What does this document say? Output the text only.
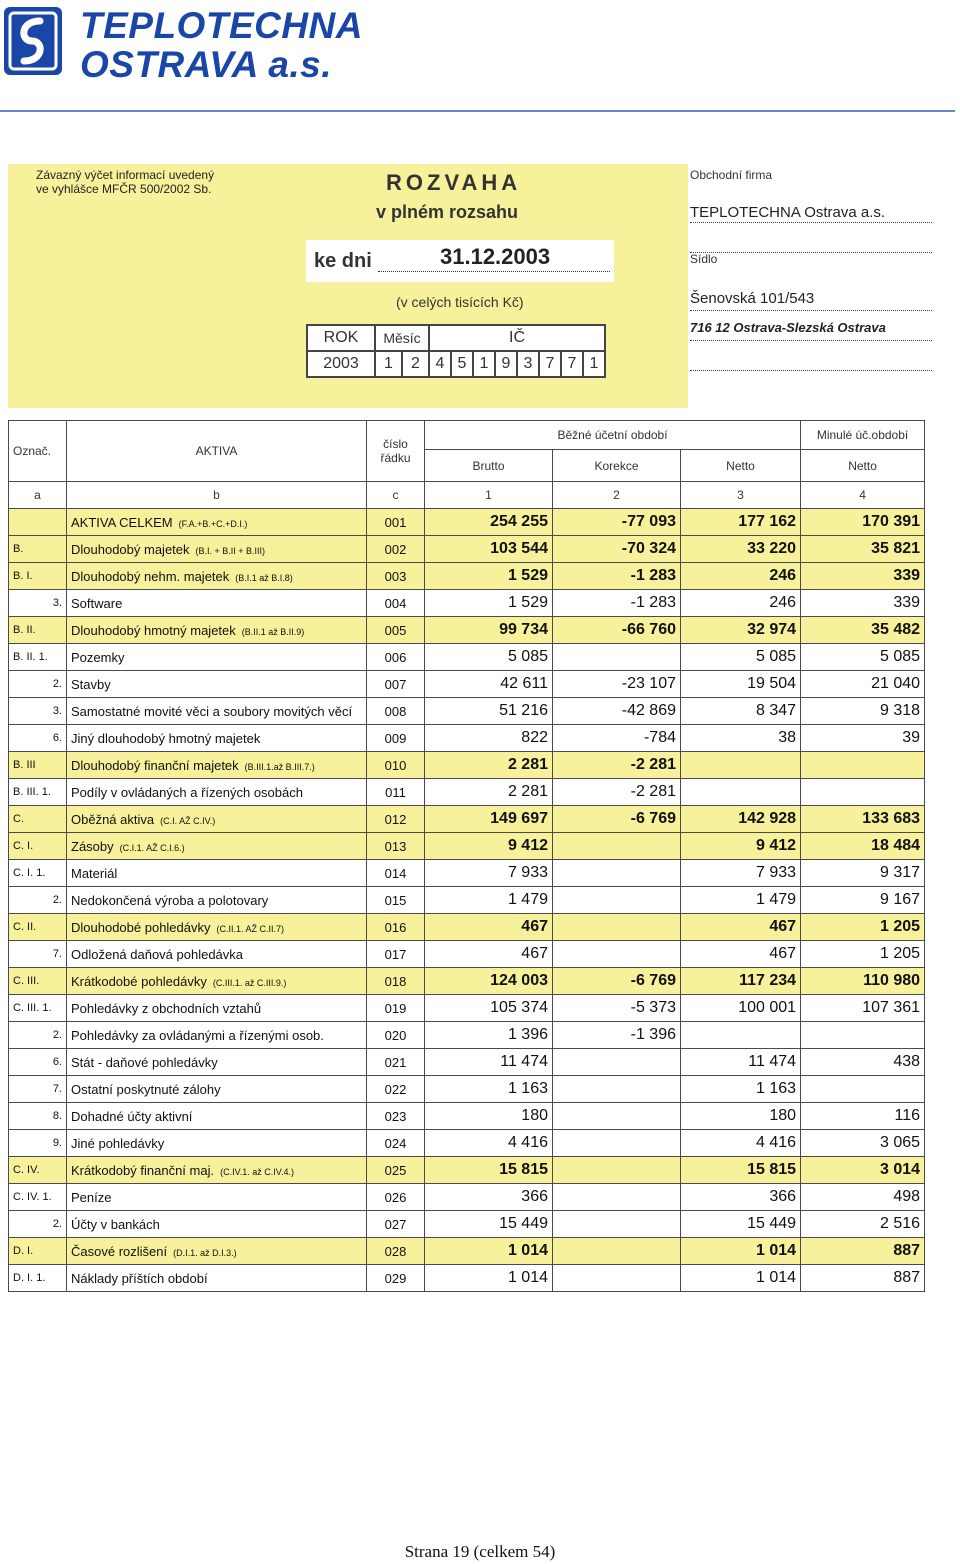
TEPLOTECHNA
OSTRAVA a.s.
Závazný výčet informací uvedený
ve vyhlášce MFČR 500/2002 Sb.	ROZVAHA
v plném rozsahu
ke dni	31.12.2003
(v celých tisících Kč)
ROK	Měsíc		IČ							
2003	1	2	4	5	1	9	3	7	7	1
Obchodní firma
TEPLOTECHNA Ostrava a.s.
Sídlo
Šenovská 101/543
716 12 Ostrava-Slezská Ostrava
Označ.	AKTIVA	číslo řádku	Běžné účetní období			Minulé úč.období
			Brutto	Korekce	Netto	Netto
a	b	c	1	2	3	4
	AKTIVA CELKEM (F.A.+B.+C.+D.I.)	001	254 255	-77 093	177 162	170 391
B.	Dlouhodobý majetek (B.I. + B.II + B.III)	002	103 544	-70 324	33 220	35 821
B. I.	Dlouhodobý nehm. majetek (B.I.1 až B.I.8)	003	1 529	-1 283	246	339
3.	Software	004	1 529	-1 283	246	339
B. II.	Dlouhodobý hmotný majetek (B.II.1 až B.II.9)	005	99 734	-66 760	32 974	35 482
B. II. 1.	Pozemky	006	5 085		5 085	5 085
2.	Stavby	007	42 611	-23 107	19 504	21 040
3.	Samostatné movité věci a soubory movitých věcí	008	51 216	-42 869	8 347	9 318
6.	Jiný dlouhodobý hmotný majetek	009	822	-784	38	39
B. III	Dlouhodobý finanční majetek (B.III.1.až B.III.7.)	010	2 281	-2 281		
B. III. 1.	Podíly v ovládaných a řízených osobách	011	2 281	-2 281		
C.	Oběžná aktiva (C.I. AŽ C.IV.)	012	149 697	-6 769	142 928	133 683
C. I.	Zásoby (C.I.1. AŽ C.I.6.)	013	9 412		9 412	18 484
C. I. 1.	Materiál	014	7 933		7 933	9 317
2.	Nedokončená výroba a polotovary	015	1 479		1 479	9 167
C. II.	Dlouhodobé pohledávky (C.II.1. AŽ C.II.7)	016	467		467	1 205
7.	Odložená daňová pohledávka	017	467		467	1 205
C. III.	Krátkodobé pohledávky (C.III.1. až C.III.9.)	018	124 003	-6 769	117 234	110 980
C. III. 1.	Pohledávky z obchodních vztahů	019	105 374	-5 373	100 001	107 361
2.	Pohledávky za ovládanými a řízenými osob.	020	1 396	-1 396		
6.	Stát - daňové pohledávky	021	11 474		11 474	438
7.	Ostatní poskytnuté zálohy	022	1 163		1 163	
8.	Dohadné účty aktivní	023	180		180	116
9.	Jiné pohledávky	024	4 416		4 416	3 065
C. IV.	Krátkodobý finanční maj. (C.IV.1. až C.IV.4.)	025	15 815		15 815	3 014
C. IV. 1.	Peníze	026	366		366	498
2.	Účty v bankách	027	15 449		15 449	2 516
D. I.	Časové rozlišení (D.I.1. až D.I.3.)	028	1 014		1 014	887
D. I. 1.	Náklady příštích období	029	1 014		1 014	887
Strana 19 (celkem 54)
